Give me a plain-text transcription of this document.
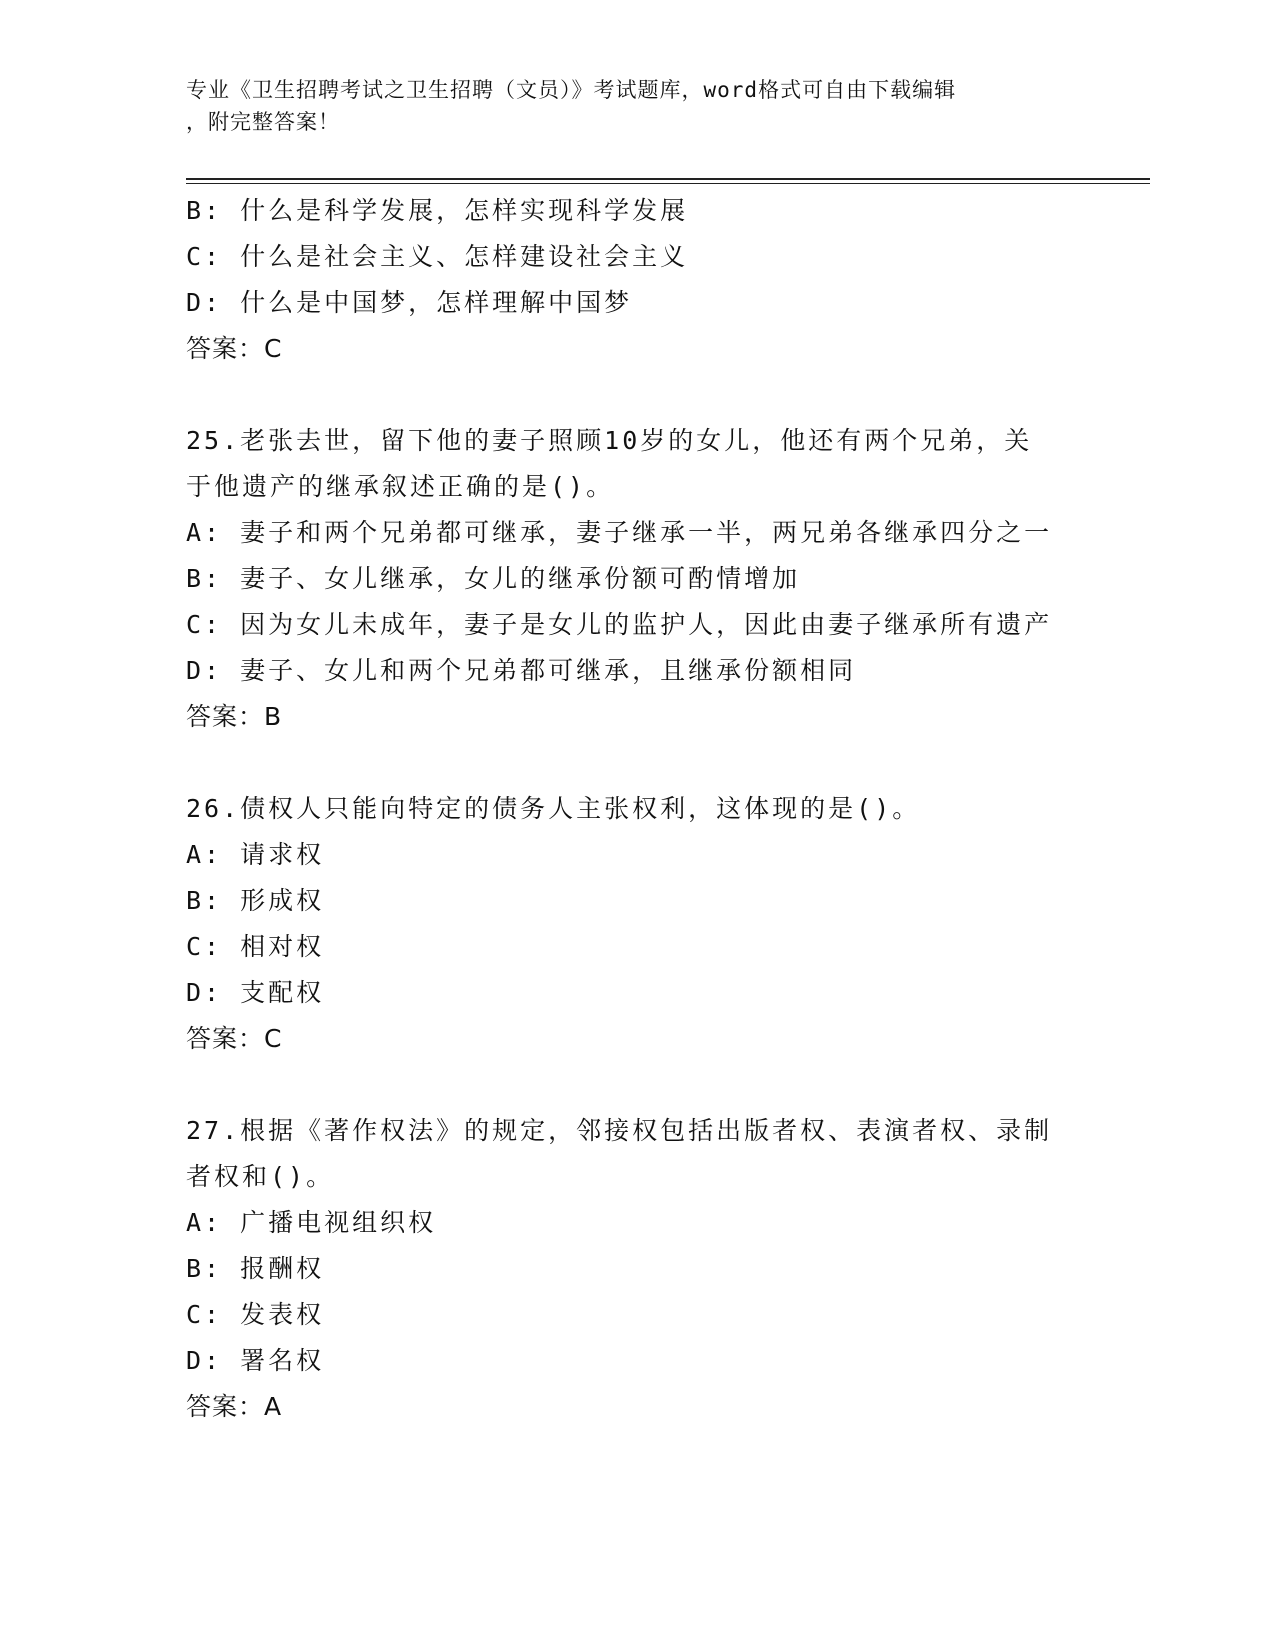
专业《卫生招聘考试之卫生招聘（文员）》考试题库，word格式可自由下载编辑
，附完整答案！
B: 什么是科学发展，怎样实现科学发展
C: 什么是社会主义、怎样建设社会主义
D: 什么是中国梦，怎样理解中国梦
答案：C
25.老张去世，留下他的妻子照顾10岁的女儿，他还有两个兄弟，关
于他遗产的继承叙述正确的是()。
A: 妻子和两个兄弟都可继承，妻子继承一半，两兄弟各继承四分之一
B: 妻子、女儿继承，女儿的继承份额可酌情增加
C: 因为女儿未成年，妻子是女儿的监护人，因此由妻子继承所有遗产
D: 妻子、女儿和两个兄弟都可继承，且继承份额相同
答案：B
26.债权人只能向特定的债务人主张权利，这体现的是()。
A: 请求权
B: 形成权
C: 相对权
D: 支配权
答案：C
27.根据《著作权法》的规定，邻接权包括出版者权、表演者权、录制
者权和()。
A: 广播电视组织权
B: 报酬权
C: 发表权
D: 署名权
答案：A
